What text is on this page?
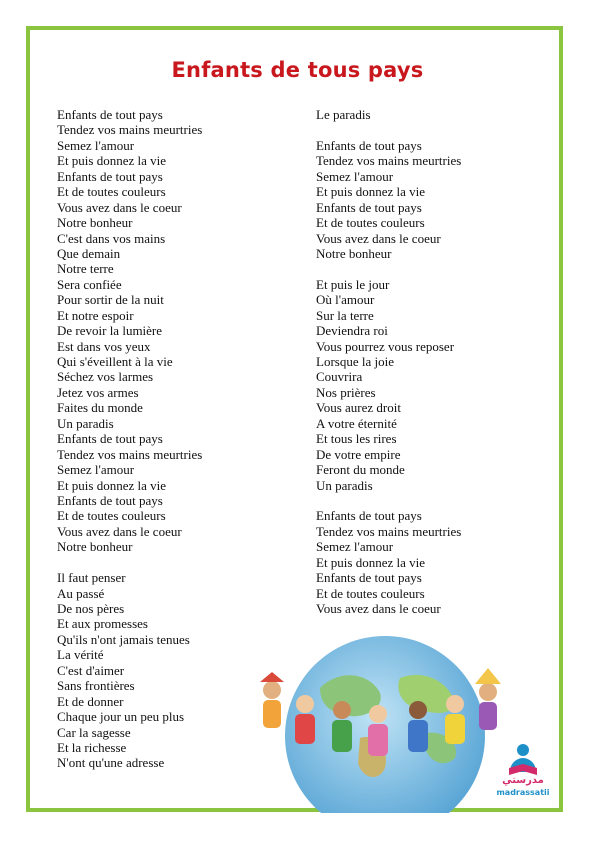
Enfants de tous pays
Enfants de tout pays
Tendez vos mains meurtries
Semez l'amour
Et puis donnez la vie
Enfants de tout pays
Et de toutes couleurs
Vous avez dans le coeur
Notre bonheur
C'est dans vos mains
Que demain
Notre terre
Sera confiée
Pour sortir de la nuit
Et notre espoir
De revoir la lumière
Est dans vos yeux
Qui s'éveillent à la vie
Séchez vos larmes
Jetez vos armes
Faites du monde
Un paradis
Enfants de tout pays
Tendez vos mains meurtries
Semez l'amour
Et puis donnez la vie
Enfants de tout pays
Et de toutes couleurs
Vous avez dans le coeur
Notre bonheur
Il faut penser
Au passé
De nos pères
Et aux promesses
Qu'ils n'ont jamais tenues
La vérité
C'est d'aimer
Sans frontières
Et de donner
Chaque jour un peu plus
Car la sagesse
Et la richesse
N'ont qu'une adresse
Le paradis
Enfants de tout pays
Tendez vos mains meurtries
Semez l'amour
Et puis donnez la vie
Enfants de tout pays
Et de toutes couleurs
Vous avez dans le coeur
Notre bonheur
Et puis le jour
Où l'amour
Sur la terre
Deviendra roi
Vous pourrez vous reposer
Lorsque la joie
Couvrira
Nos prières
Vous aurez droit
A votre éternité
Et tous les rires
De votre empire
Feront du monde
Un paradis
Enfants de tout pays
Tendez vos mains meurtries
Semez l'amour
Et puis donnez la vie
Enfants de tout pays
Et de toutes couleurs
Vous avez dans le coeur
مدرستي
madrassatii
